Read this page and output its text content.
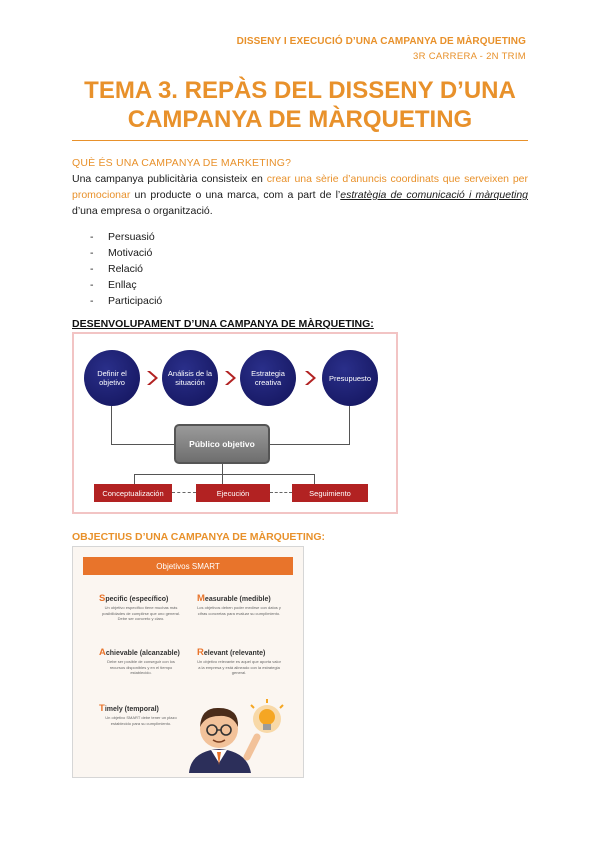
DISSENY I EXECUCIÓ D’UNA CAMPANYA DE MÀRQUETING
3R CARRERA - 2N TRIM
TEMA 3. REPÀS DEL DISSENY D’UNA
CAMPANYA DE MÀRQUETING
QUÈ ÉS UNA CAMPANYA DE MARKETING?

Una campanya publicitària consisteix en crear una sèrie d’anuncis coordinats que serveixen per promocionar un producte o una marca, com a part de l’estratègia de comunicació i màrqueting d’una empresa o organització.

- Persuasió
- Motivació
- Relació
- Enllaç
- Participació
DESENVOLUPAMENT D’UNA CAMPANYA DE MÀRQUETING:
Definir el objetivo
Análisis de la situación
Estrategia creativa	Presupuesto
Público objetivo
Conceptualización	Ejecución	Seguimiento
OBJECTIUS D’UNA CAMPANYA DE MÀRQUETING:
Objetivos SMART
Specific (específico)
Un objetivo específico tiene muchas más posibilidades de cumplirse que uno general. Debe ser concreto y claro.
Measurable (medible)
Los objetivos deben poder medirse con datos y cifras concretas para evaluar su cumplimiento.
Achievable (alcanzable)
Debe ser posible de conseguir con los recursos disponibles y en el tiempo establecido.
Relevant (relevante)
Un objetivo relevante es aquel que aporta valor a la empresa y está alineado con la estrategia general.
Timely (temporal)
Un objetivo SMART debe tener un plazo establecido para su cumplimiento.
